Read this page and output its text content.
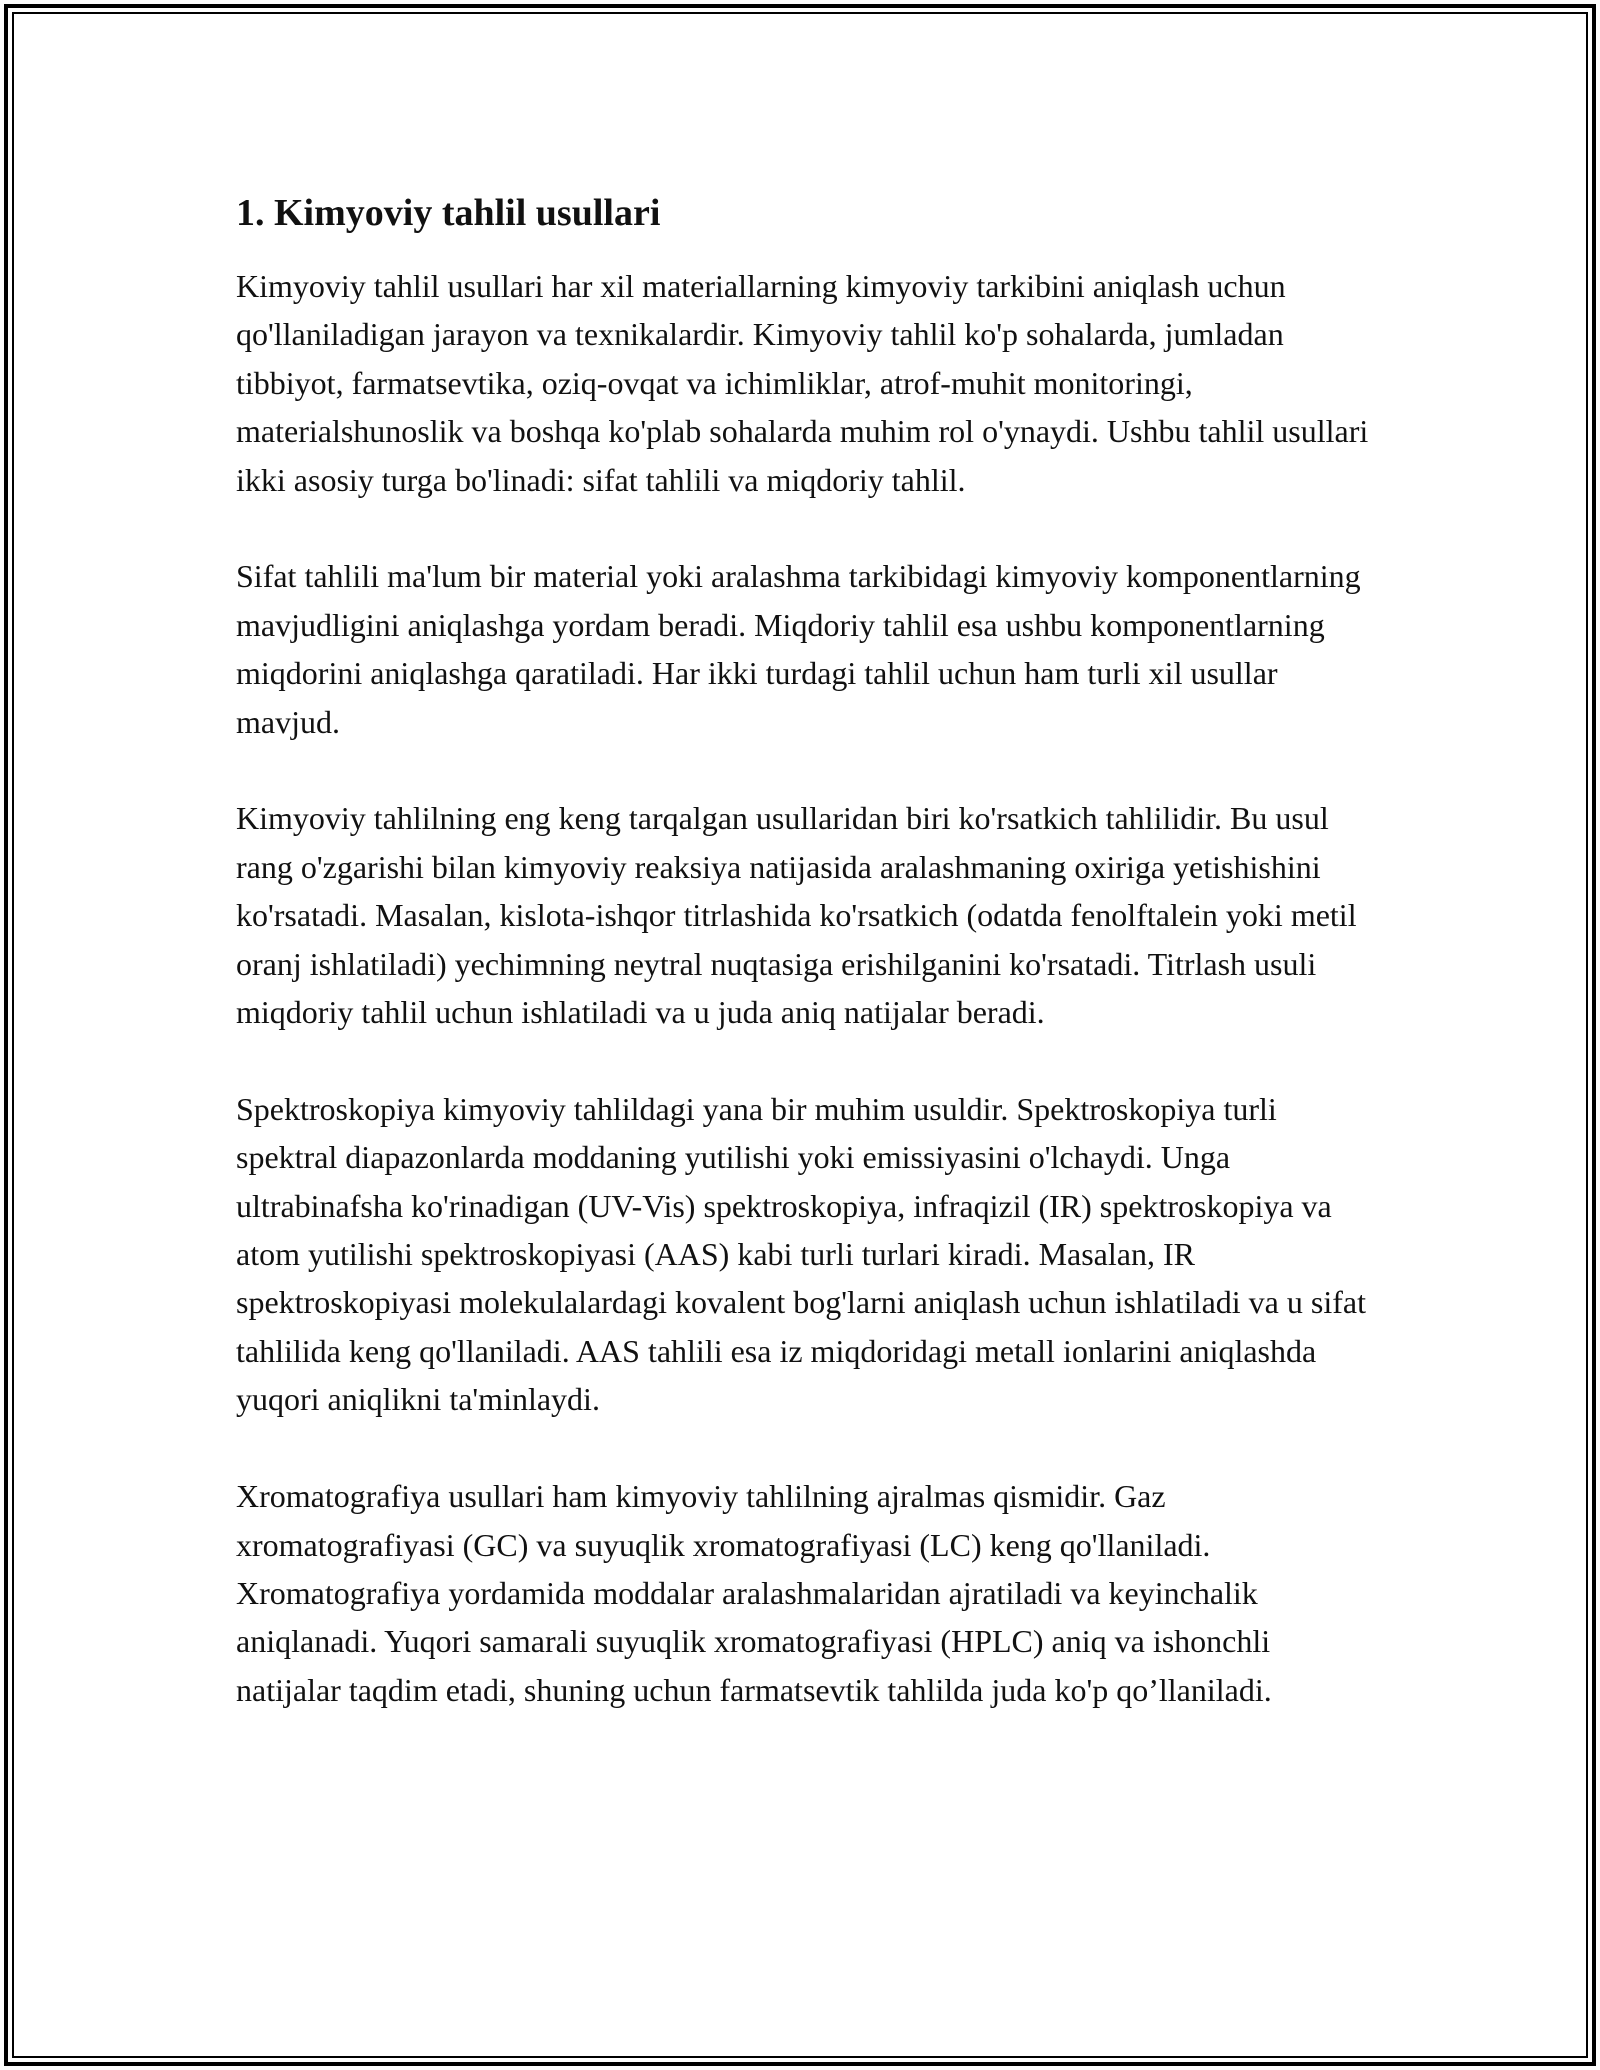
1. Kimyoviy tahlil usullari

Kimyoviy tahlil usullari har xil materiallarning kimyoviy tarkibini aniqlash uchun qo'llaniladigan jarayon va texnikalardir. Kimyoviy tahlil ko'p sohalarda, jumladan tibbiyot, farmatsevtika, oziq-ovqat va ichimliklar, atrof-muhit monitoringi, materialshunoslik va boshqa ko'plab sohalarda muhim rol o'ynaydi. Ushbu tahlil usullari ikki asosiy turga bo'linadi: sifat tahlili va miqdoriy tahlil.

Sifat tahlili ma'lum bir material yoki aralashma tarkibidagi kimyoviy komponentlarning mavjudligini aniqlashga yordam beradi. Miqdoriy tahlil esa ushbu komponentlarning miqdorini aniqlashga qaratiladi. Har ikki turdagi tahlil uchun ham turli xil usullar mavjud.

Kimyoviy tahlilning eng keng tarqalgan usullaridan biri ko'rsatkich tahlilidir. Bu usul rang o'zgarishi bilan kimyoviy reaksiya natijasida aralashmaning oxiriga yetishishini ko'rsatadi. Masalan, kislota-ishqor titrlashida ko'rsatkich (odatda fenolftalein yoki metil oranj ishlatiladi) yechimning neytral nuqtasiga erishilganini ko'rsatadi. Titrlash usuli miqdoriy tahlil uchun ishlatiladi va u juda aniq natijalar beradi.

Spektroskopiya kimyoviy tahlildagi yana bir muhim usuldir. Spektroskopiya turli spektral diapazonlarda moddaning yutilishi yoki emissiyasini o'lchaydi. Unga ultrabinafsha ko'rinadigan (UV-Vis) spektroskopiya, infraqizil (IR) spektroskopiya va atom yutilishi spektroskopiyasi (AAS) kabi turli turlari kiradi. Masalan, IR spektroskopiyasi molekulalardagi kovalent bog'larni aniqlash uchun ishlatiladi va u sifat tahlilida keng qo'llaniladi. AAS tahlili esa iz miqdoridagi metall ionlarini aniqlashda yuqori aniqlikni ta'minlaydi.

Xromatografiya usullari ham kimyoviy tahlilning ajralmas qismidir. Gaz xromatografiyasi (GC) va suyuqlik xromatografiyasi (LC) keng qo'llaniladi. Xromatografiya yordamida moddalar aralashmalaridan ajratiladi va keyinchalik aniqlanadi. Yuqori samarali suyuqlik xromatografiyasi (HPLC) aniq va ishonchli natijalar taqdim etadi, shuning uchun farmatsevtik tahlilda juda ko'p qo’llaniladi.
